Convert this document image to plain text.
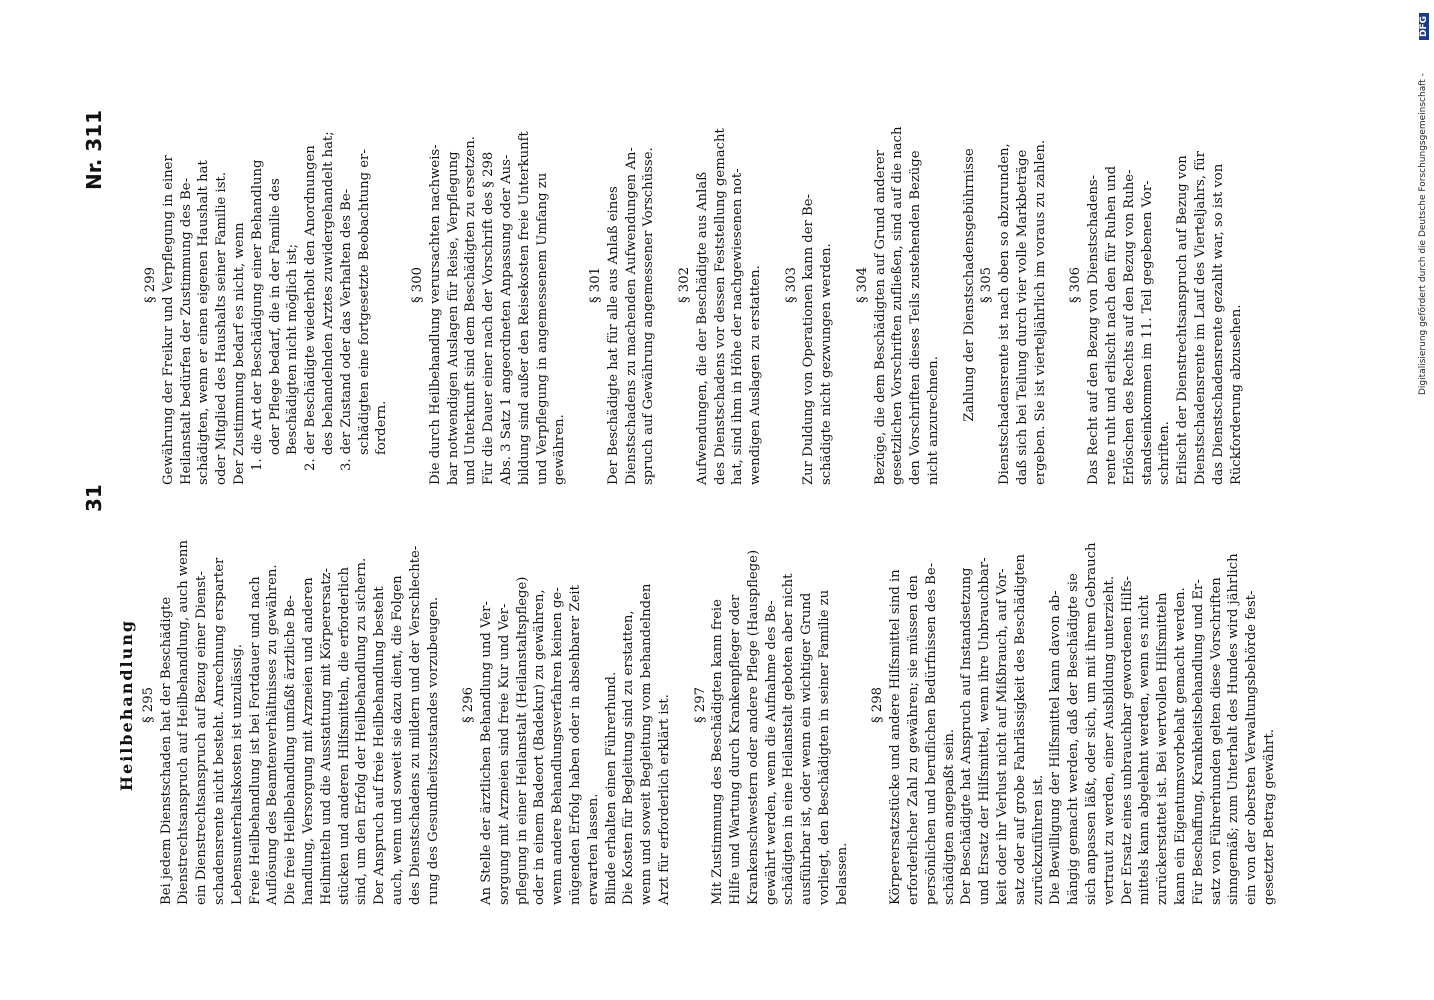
31
Nr. 311	Digitalisierung gefördert durch die Deutsche Forschungsgemeinschaft -
DFG
Heilbehandlung § 295 Bei jedem Dienstschaden hat der Beschädigte Dienstrechtsanspruch auf Heilbehandlung, auch wenn ein Dienstrechtsanspruch auf Bezug einer Dienst- schadensrente nicht besteht. Anrechnung ersparter Lebensunterhaltskosten ist unzulässig. Freie Heilbehandlung ist bei Fortdauer und nach Auflösung des Beamtenverhältnisses zu gewähren. Die freie Heilbehandlung umfaßt ärztliche Be- handlung, Versorgung mit Arzneien und anderen Heilmitteln und die Ausstattung mit Körperersatz- stücken und anderen Hilfsmitteln, die erforderlich sind, um den Erfolg der Heilbehandlung zu sichern. Der Anspruch auf freie Heilbehandlung besteht auch, wenn und soweit sie dazu dient, die Folgen des Dienstschadens zu mildern und der Verschlechte- rung des Gesundheitszustandes vorzubeugen. § 296 An Stelle der ärztlichen Behandlung und Ver- sorgung mit Arzneien sind freie Kur und Ver- pflegung in einer Heilanstalt (Heilanstaltspflege) oder in einem Badeort (Badekur) zu gewähren, wenn andere Behandlungsverfahren keinen ge- nügenden Erfolg haben oder in absehbarer Zeit erwarten lassen. Blinde erhalten einen Führerhund. Die Kosten für Begleitung sind zu erstatten, wenn und soweit Begleitung vom behandelnden Arzt für erforderlich erklärt ist. § 297 Mit Zustimmung des Beschädigten kann freie Hilfe und Wartung durch Krankenpfleger oder Krankenschwestern oder andere Pflege (Hauspflege) gewährt werden, wenn die Aufnahme des Be- schädigten in eine Heilanstalt geboten aber nicht ausführbar ist, oder wenn ein wichtiger Grund vorliegt, den Beschädigten in seiner Familie zu belassen.

§ 298 Körperersatzstücke und andere Hilfsmittel sind in erforderlicher Zahl zu gewähren; sie müssen den persönlichen und beruflichen Bedürfnissen des Be- schädigten angepaßt sein. Der Beschädigte hat Anspruch auf Instandsetzung und Ersatz der Hilfsmittel, wenn ihre Unbrauchbar- keit oder ihr Verlust nicht auf Mißbrauch, auf Vor- satz oder auf grobe Fahrlässigkeit des Beschädigten zurückzuführen ist. Die Bewilligung der Hilfsmittel kann davon ab- hängig gemacht werden, daß der Beschädigte sie sich anpassen läßt, oder sich, um mit ihrem Gebrauch vertraut zu werden, einer Ausbildung unterzieht. Der Ersatz eines unbrauchbar gewordenen Hilfs- mittels kann abgelehnt werden, wenn es nicht zurückerstattet ist. Bei wertvollen Hilfsmitteln kann ein Eigentumsvorbehalt gemacht werden. Für Beschaffung, Krankheitsbehandlung und Er- satz von Führerhunden gelten diese Vorschriften sinngemäß; zum Unterhalt des Hundes wird jährlich ein von der obersten Verwaltungsbehörde fest- gesetzter Betrag gewährt.

§ 299 Gewährung der Freikur und Verpflegung in einer Heilanstalt bedürfen der Zustimmung des Be- schädigten, wenn er einen eigenen Haushalt hat oder Mitglied des Haushalts seiner Familie ist. Der Zustimmung bedarf es nicht, wenn 1. die Art der Beschädigung einer Behandlung oder Pflege bedarf, die in der Familie des Beschädigten nicht möglich ist; 2. der Beschädigte wiederholt den Anordnungen des behandelnden Arztes zuwidergehandelt hat; 3. der Zustand oder das Verhalten des Be- schädigten eine fortgesetzte Beobachtung er- fordern.

§ 300 Die durch Heilbehandlung verursachten nachweis- bar notwendigen Auslagen für Reise, Verpflegung und Unterkunft sind dem Beschädigten zu ersetzen. Für die Dauer einer nach der Vorschrift des § 298 Abs. 3 Satz 1 angeordneten Anpassung oder Aus- bildung sind außer den Reisekosten freie Unterkunft und Verpflegung in angemessenem Umfang zu gewähren.

§ 301 Der Beschädigte hat für alle aus Anlaß eines Dienstschadens zu machenden Aufwendungen An- spruch auf Gewährung angemessener Vorschüsse. § 302 Aufwendungen, die der Beschädigte aus Anlaß des Dienstschadens vor dessen Feststellung gemacht hat, sind ihm in Höhe der nachgewiesenen not- wendigen Auslagen zu erstatten. § 303 Zur Duldung von Operationen kann der Be- schädigte nicht gezwungen werden. § 304 Bezüge, die dem Beschädigten auf Grund anderer gesetzlichen Vorschriften zufließen, sind auf die nach den Vorschriften dieses Teils zustehenden Bezüge nicht anzurechnen. Zahlung der Dienstschadensgebührnisse § 305 Dienstschadensrente ist nach oben so abzurunden, daß sich bei Teilung durch vier volle Markbeträge ergeben. Sie ist vierteljährlich im voraus zu zahlen. § 306 Das Recht auf den Bezug von Dienstschadens- rente ruht und erlischt nach den für Ruhen und Erlöschen des Rechts auf den Bezug von Ruhe- standseinkommen im 11. Teil gegebenen Vor- schriften. Erlischt der Dienstrechtsanspruch auf Bezug von Dienstschadensrente im Lauf des Vierteljahrs, für das Dienstschadensrente gezahlt war, so ist von Rückforderung abzusehen.
